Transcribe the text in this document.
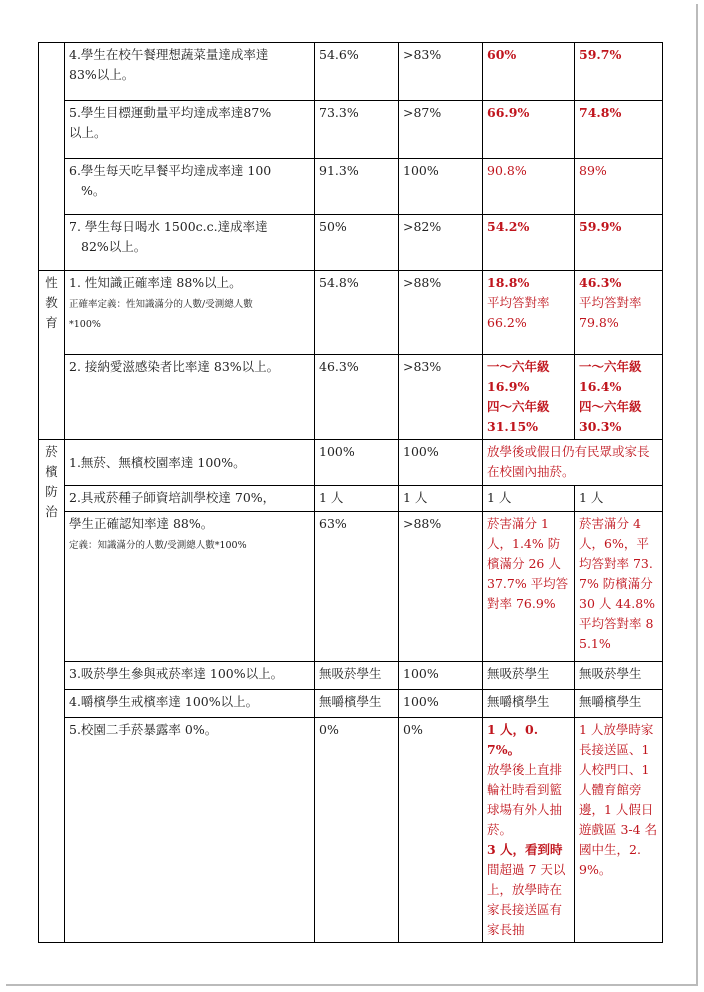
	4.學生在校午餐理想蔬菜量達成率達
83%以上。	54.6%	>83%	60%	59.7%
	5.學生目標運動量平均達成率達87%
以上。	73.3%	>87%	66.9%	74.8%
	6.學生每天吃早餐平均達成率達 100

%。	91.3%	100%	90.8%	89%
	7. 學生每日喝水 1500c.c.達成率達

82%以上。	50%	>82%	54.2%	59.9%
性
教
育	1. 性知識正確率達 88%以上。
正確率定義：性知識滿分的人數/受測總人數
*100%	54.8%	>88%	18.8%
平均答對率
66.2%	46.3%
平均答對率
79.8%
	2. 接納愛滋感染者比率達 83%以上。	46.3%	>83%	一～六年級
16.9%
四～六年級
31.15%	一～六年級
16.4%
四～六年級
30.3%
菸
檳
防
治	1.無菸、無檳校園率達 100%。	100%	100%	放學後或假日仍有民眾或家長在校園內抽菸。	
	2.具戒菸種子師資培訓學校達 70%，	1 人	1 人	1 人	1 人
	學生正確認知率達 88%。
定義：知識滿分的人數/受測總人數*100%	63%	>88%	菸害滿分 1 人，1.4% 防檳滿分 26 人 37.7% 平均答對率 76.9%	菸害滿分 4 人，6%，平均答對率 73.7% 防檳滿分 30 人 44.8% 平均答對率 85.1%
	3.吸菸學生參與戒菸率達 100%以上。	無吸菸學生	100%	無吸菸學生	無吸菸學生
	4.嚼檳學生戒檳率達 100%以上。	無嚼檳學生	100%	無嚼檳學生	無嚼檳學生
	5.校園二手菸暴露率 0%。	0%	0%	1 人，0.7%。
放學後上直排輪社時看到籃球場有外人抽菸。
3 人，看到時
間超過 7 天以上，放學時在家長接送區有家長抽	1 人放學時家長接送區、1 人校門口、1 人體育館旁邊，1 人假日遊戲區 3-4 名國中生，2.9%。
